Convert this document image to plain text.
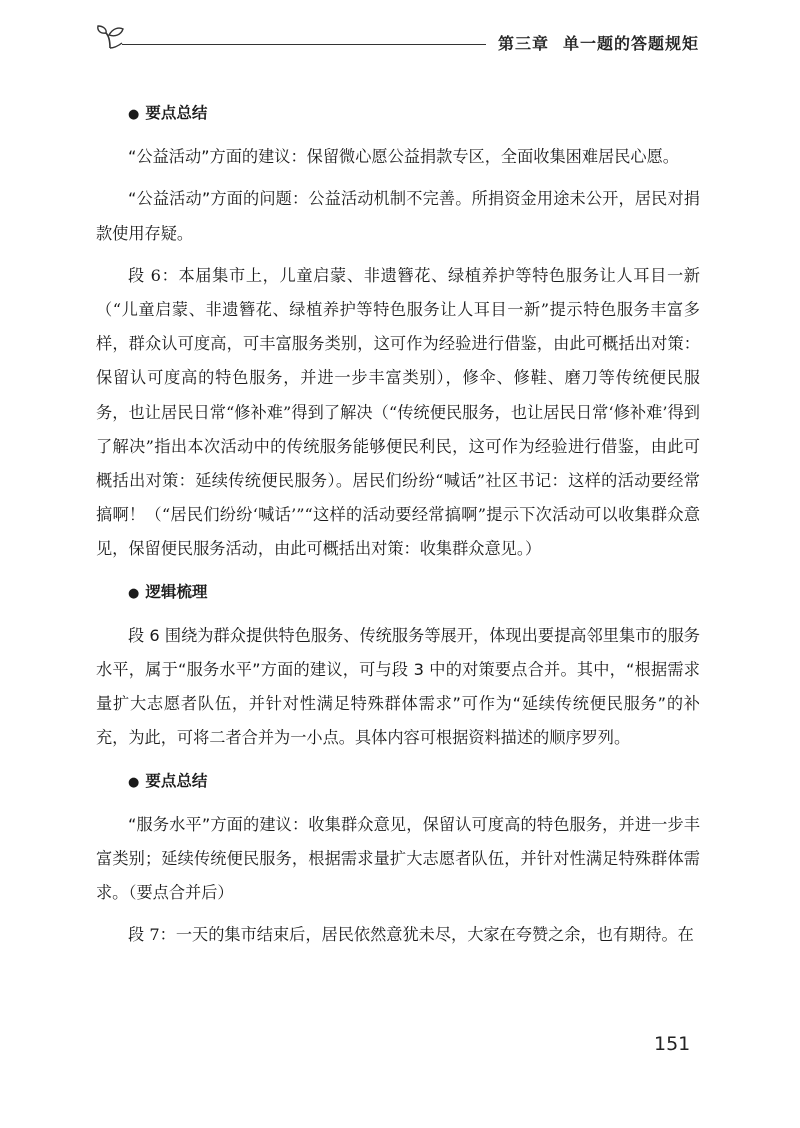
第三章 单一题的答题规矩

● 要点总结

“公益活动”方面的建议：保留微心愿公益捐款专区，全面收集困难居民心愿。

“公益活动”方面的问题：公益活动机制不完善。所捐资金用途未公开，居民对捐款使用存疑。

段 6：本届集市上，儿童启蒙、非遗簪花、绿植养护等特色服务让人耳目一新（“儿童启蒙、非遗簪花、绿植养护等特色服务让人耳目一新”提示特色服务丰富多样，群众认可度高，可丰富服务类别，这可作为经验进行借鉴，由此可概括出对策：保留认可度高的特色服务，并进一步丰富类别），修伞、修鞋、磨刀等传统便民服务，也让居民日常“修补难”得到了解决（“传统便民服务，也让居民日常‘修补难’得到了解决”指出本次活动中的传统服务能够便民利民，这可作为经验进行借鉴，由此可概括出对策：延续传统便民服务）。居民们纷纷“喊话”社区书记：这样的活动要经常搞啊！（“居民们纷纷‘喊话’”“这样的活动要经常搞啊”提示下次活动可以收集群众意见，保留便民服务活动，由此可概括出对策：收集群众意见。）

● 逻辑梳理

段 6 围绕为群众提供特色服务、传统服务等展开，体现出要提高邻里集市的服务水平，属于“服务水平”方面的建议，可与段 3 中的对策要点合并。其中，“根据需求量扩大志愿者队伍，并针对性满足特殊群体需求”可作为“延续传统便民服务”的补充，为此，可将二者合并为一小点。具体内容可根据资料描述的顺序罗列。

● 要点总结

“服务水平”方面的建议：收集群众意见，保留认可度高的特色服务，并进一步丰富类别；延续传统便民服务，根据需求量扩大志愿者队伍，并针对性满足特殊群体需求。（要点合并后）

段 7：一天的集市结束后，居民依然意犹未尽，大家在夸赞之余，也有期待。在

151
